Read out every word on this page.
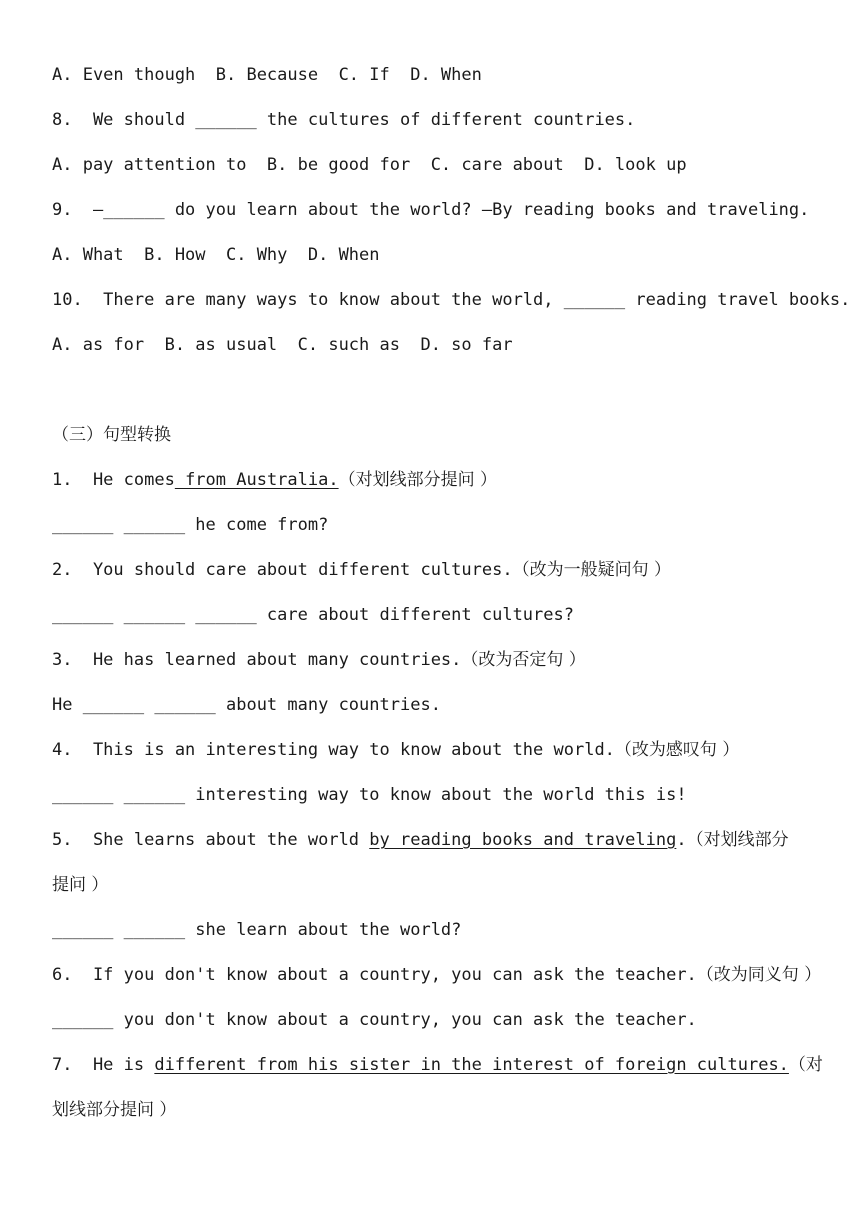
A. Even though  B. Because  C. If  D. When
8.  We should ______ the cultures of different countries.
A. pay attention to  B. be good for  C. care about  D. look up
9.  —______ do you learn about the world? —By reading books and traveling.
A. What  B. How  C. Why  D. When
10.  There are many ways to know about the world, ______ reading travel books.
A. as for  B. as usual  C. such as  D. so far
（三）句型转换
1.  He comes from Australia.（对划线部分提问 ）
______ ______ he come from?
2.  You should care about different cultures.（改为一般疑问句 ）
______ ______ ______ care about different cultures?
3.  He has learned about many countries.（改为否定句 ）
He ______ ______ about many countries.
4.  This is an interesting way to know about the world.（改为感叹句 ）
______ ______ interesting way to know about the world this is!
5.  She learns about the world by reading books and traveling.（对划线部分
提问 ）
______ ______ she learn about the world?
6.  If you don't know about a country, you can ask the teacher.（改为同义句 ）
______ you don't know about a country, you can ask the teacher.
7.  He is different from his sister in the interest of foreign cultures.（对
划线部分提问 ）
